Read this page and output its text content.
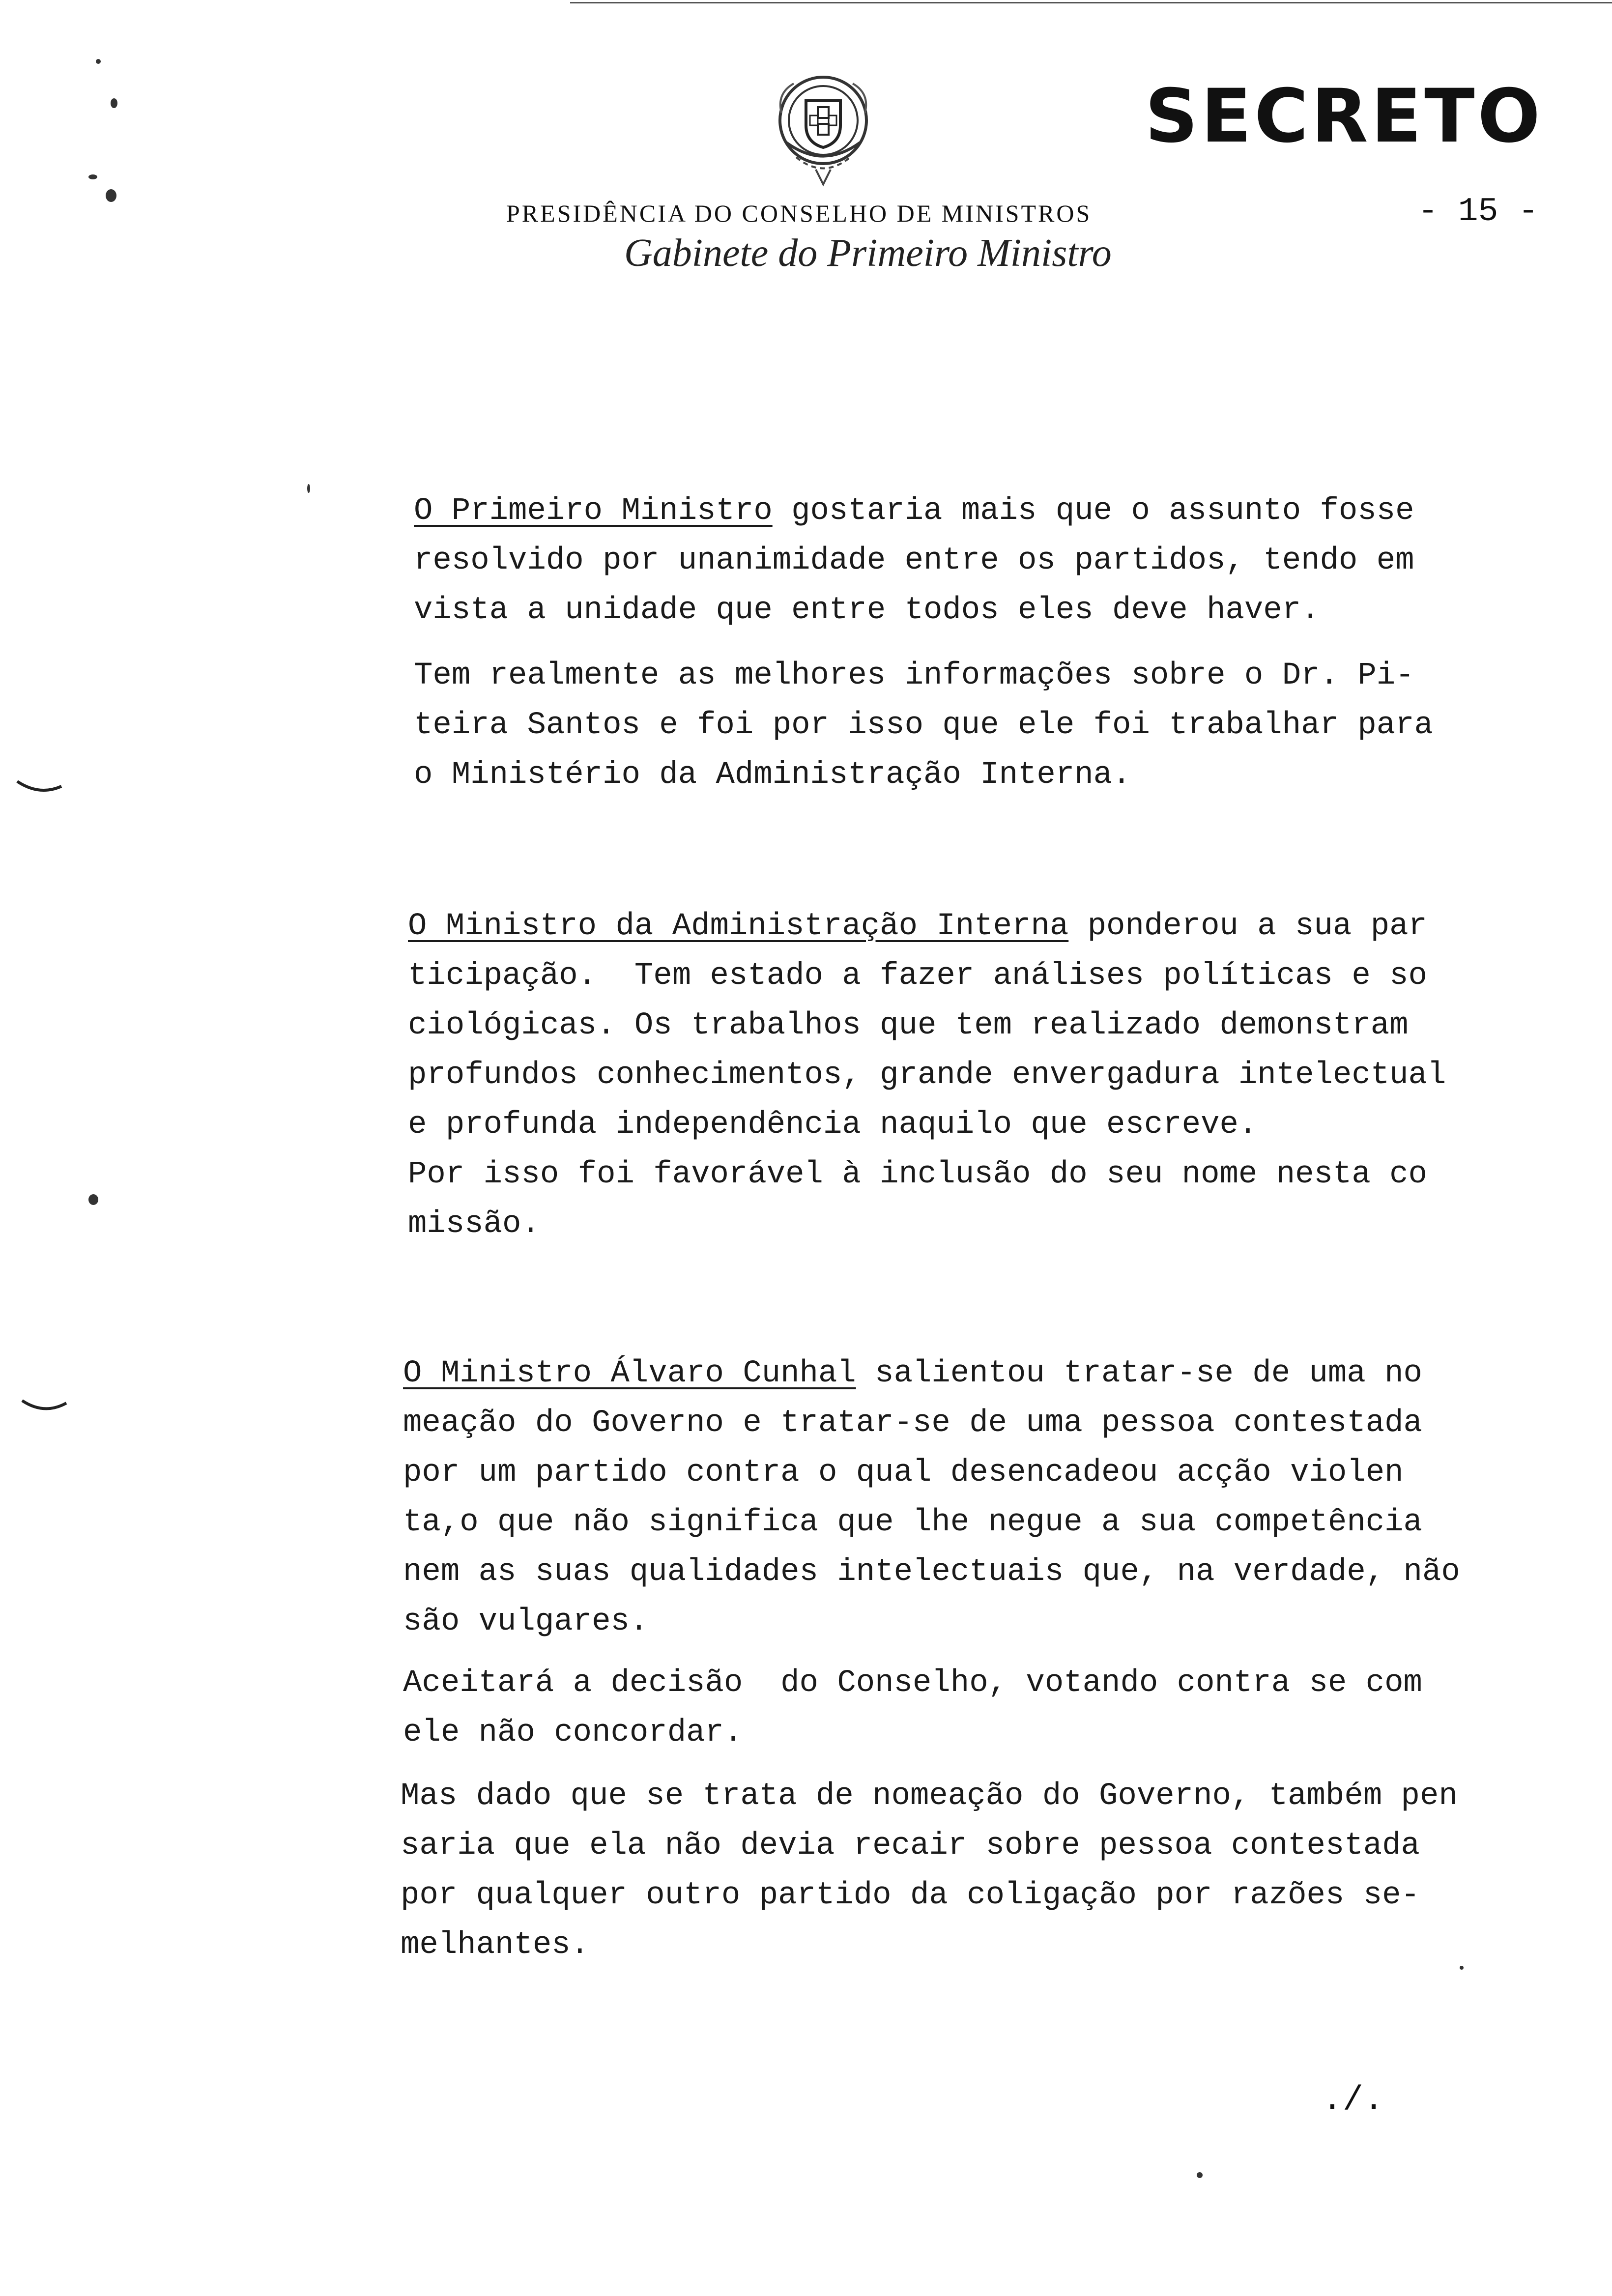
SECRETO
PRESIDÊNCIA DO CONSELHO DE MINISTROS	- 15 -
Gabinete do Primeiro Ministro
O Primeiro Ministro gostaria mais que o assunto fosse
resolvido por unanimidade entre os partidos, tendo em
vista a unidade que entre todos eles deve haver.
Tem realmente as melhores informações sobre o Dr. Pi-
teira Santos e foi por isso que ele foi trabalhar para
o Ministério da Administração Interna.
O Ministro da Administração Interna ponderou a sua par
ticipação.  Tem estado a fazer análises políticas e so
ciológicas. Os trabalhos que tem realizado demonstram
profundos conhecimentos, grande envergadura intelectual
e profunda independência naquilo que escreve.
Por isso foi favorável à inclusão do seu nome nesta co
missão.
O Ministro Álvaro Cunhal salientou tratar-se de uma no
meação do Governo e tratar-se de uma pessoa contestada
por um partido contra o qual desencadeou acção violen
ta,o que não significa que lhe negue a sua competência
nem as suas qualidades intelectuais que, na verdade, não
são vulgares.
Aceitará a decisão  do Conselho, votando contra se com
ele não concordar.
Mas dado que se trata de nomeação do Governo, também pen
saria que ela não devia recair sobre pessoa contestada
por qualquer outro partido da coligação por razões se-
melhantes.
./.
